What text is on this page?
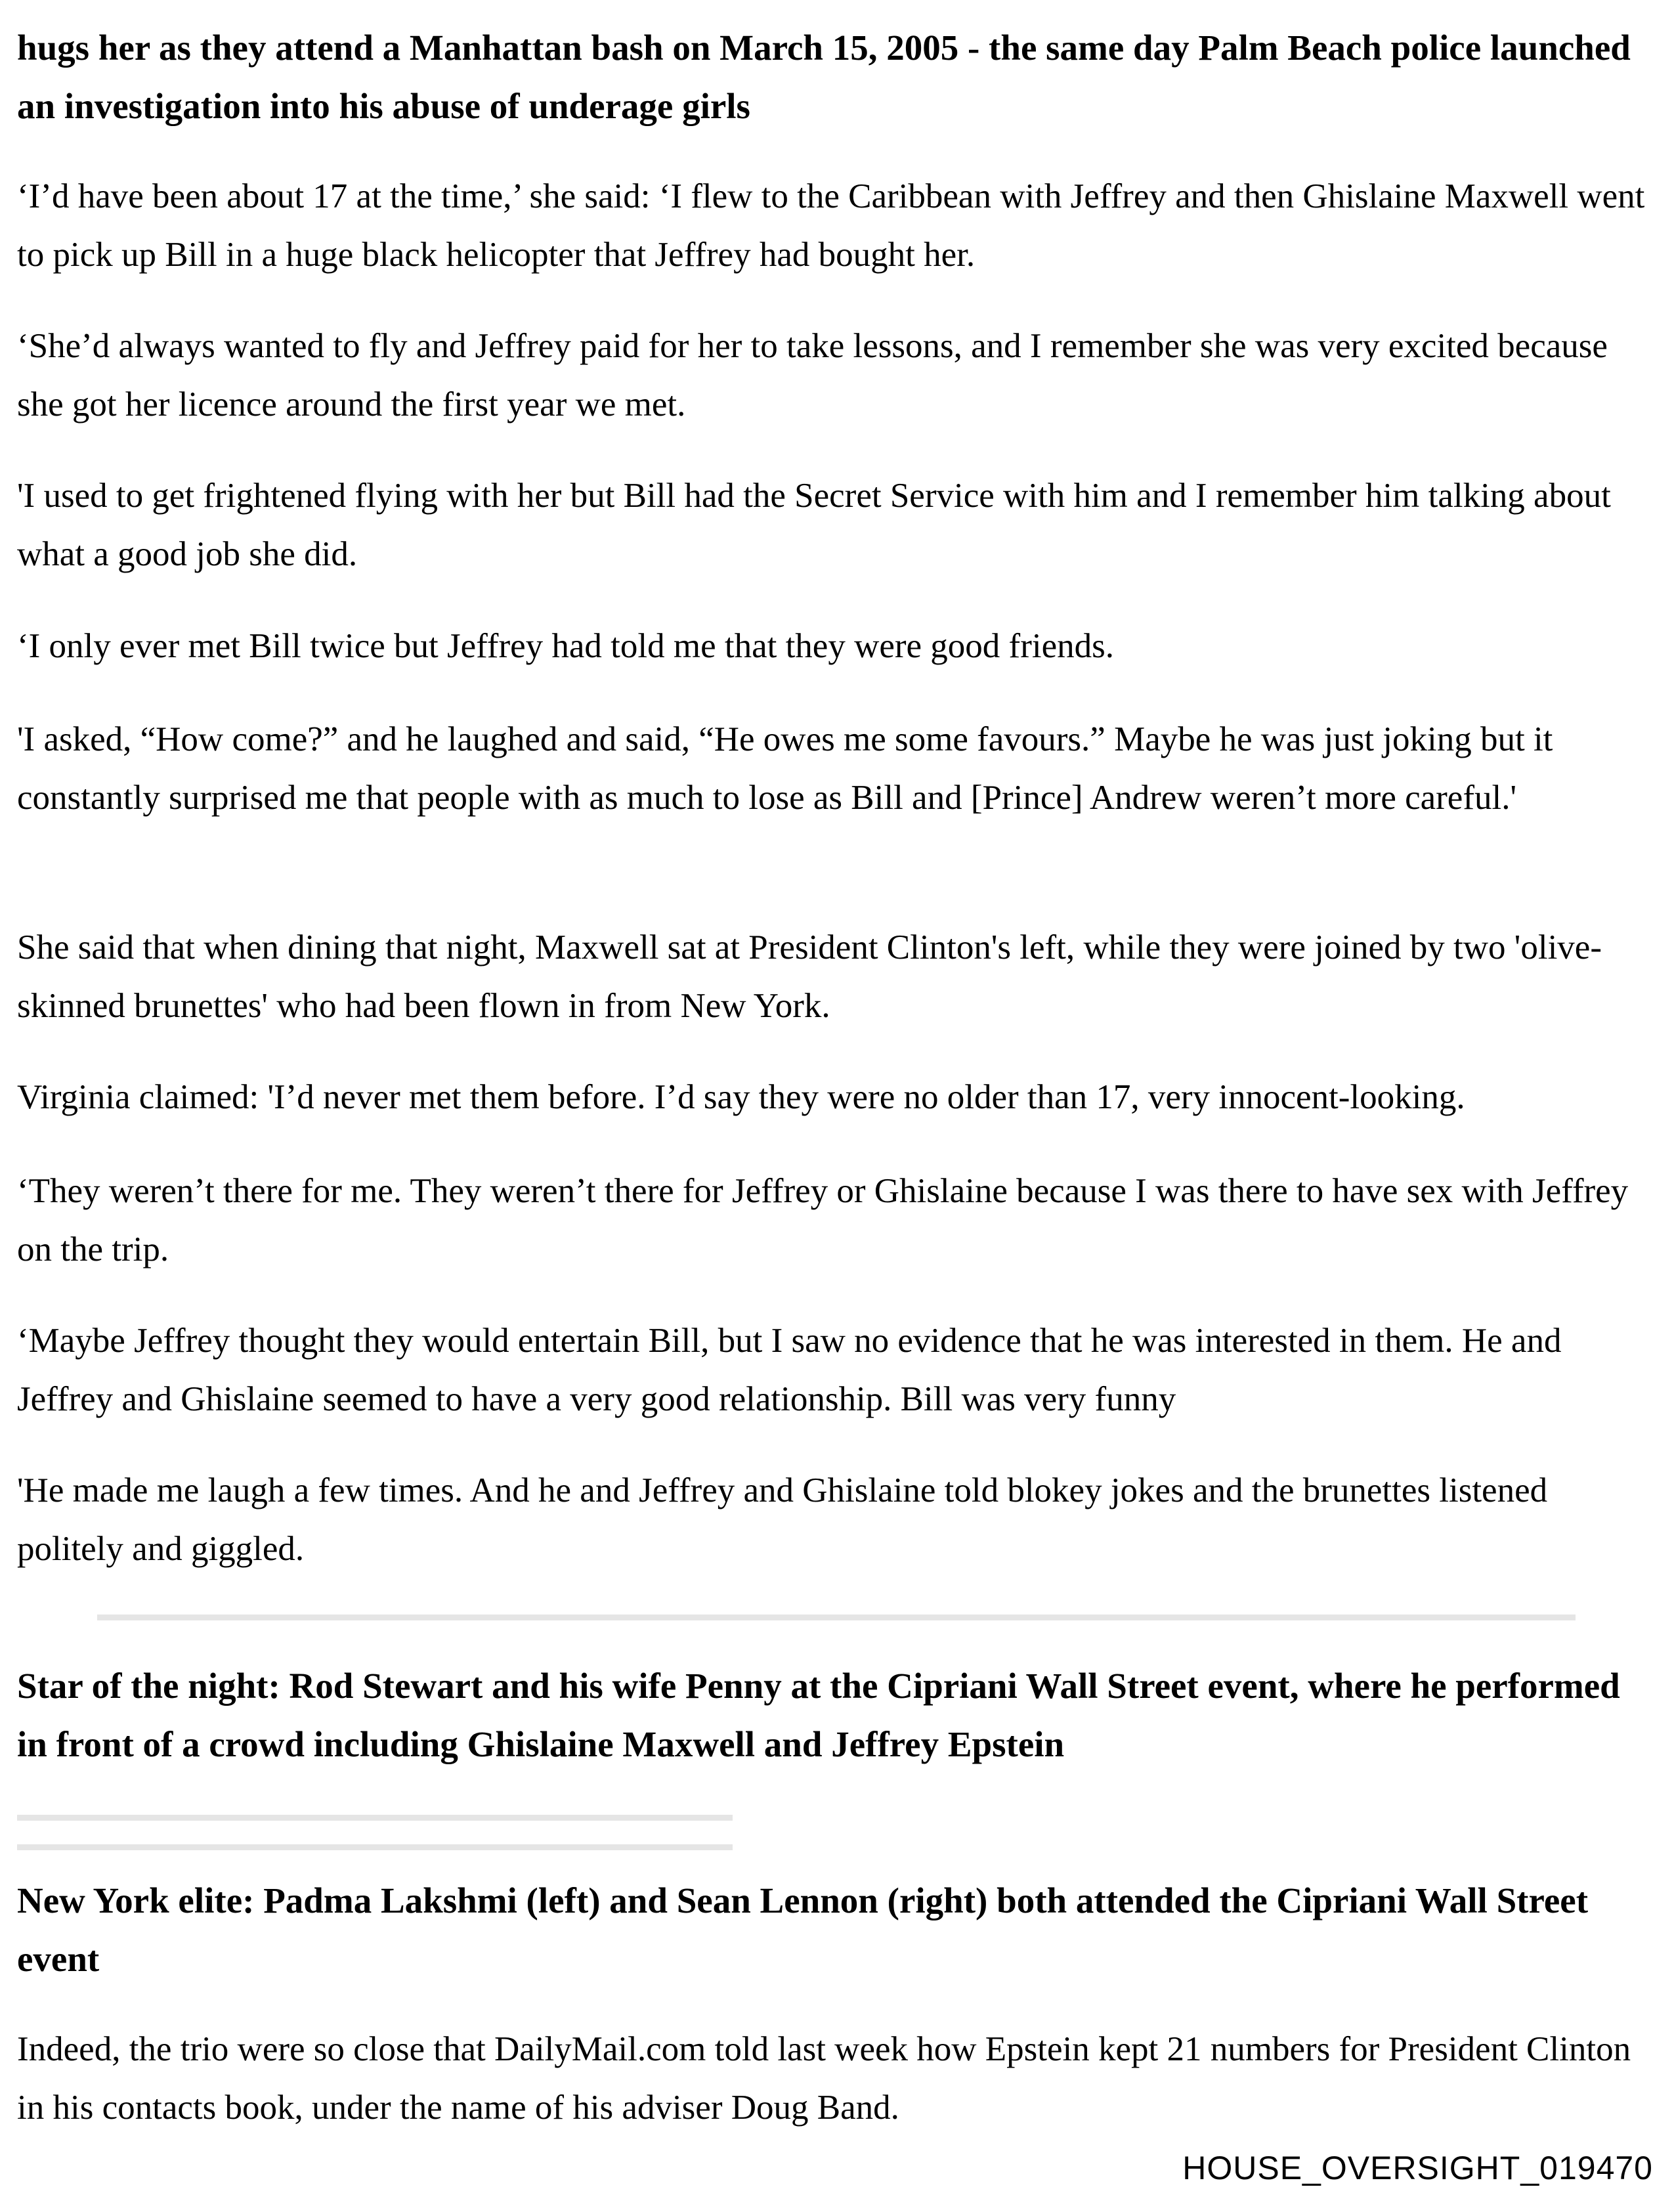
hugs her as they attend a Manhattan bash on March 15, 2005 - the same day Palm Beach police launched an investigation into his abuse of underage girls

‘I’d have been about 17 at the time,’ she said: ‘I flew to the Caribbean with Jeffrey and then Ghislaine Maxwell went to pick up Bill in a huge black helicopter that Jeffrey had bought her.

‘She’d always wanted to fly and Jeffrey paid for her to take lessons, and I remember she was very excited because she got her licence around the first year we met.

'I used to get frightened flying with her but Bill had the Secret Service with him and I remember him talking about what a good job she did.

‘I only ever met Bill twice but Jeffrey had told me that they were good friends.

'I asked, “How come?” and he laughed and said, “He owes me some favours.” Maybe he was just joking but it constantly surprised me that people with as much to lose as Bill and [Prince] Andrew weren’t more careful.'

She said that when dining that night, Maxwell sat at President Clinton's left, while they were joined by two 'olive-skinned brunettes' who had been flown in from New York.

Virginia claimed: 'I’d never met them before. I’d say they were no older than 17, very innocent-looking.

‘They weren’t there for me. They weren’t there for Jeffrey or Ghislaine because I was there to have sex with Jeffrey on the trip.

‘Maybe Jeffrey thought they would entertain Bill, but I saw no evidence that he was interested in them. He and Jeffrey and Ghislaine seemed to have a very good relationship. Bill was very funny

'He made me laugh a few times. And he and Jeffrey and Ghislaine told blokey jokes and the brunettes listened politely and giggled.

Star of the night: Rod Stewart and his wife Penny at the Cipriani Wall Street event, where he performed in front of a crowd including Ghislaine Maxwell and Jeffrey Epstein

New York elite: Padma Lakshmi (left) and Sean Lennon (right) both attended the Cipriani Wall Street event

Indeed, the trio were so close that DailyMail.com told last week how Epstein kept 21 numbers for President Clinton in his contacts book, under the name of his adviser Doug Band.

HOUSE_OVERSIGHT_019470
